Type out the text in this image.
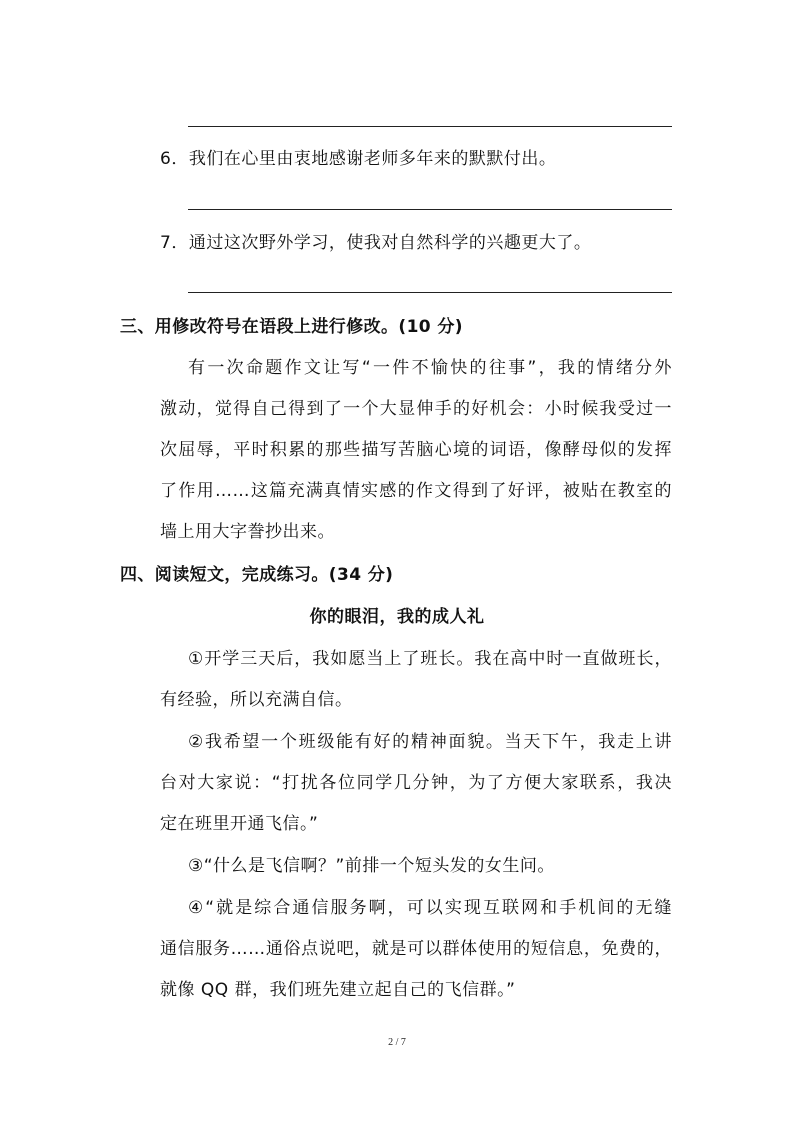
6．我们在心里由衷地感谢老师多年来的默默付出。
7．通过这次野外学习，使我对自然科学的兴趣更大了。
三、用修改符号在语段上进行修改。(10 分)
有一次命题作文让写“一件不愉快的往事”，我的情绪分外
激动，觉得自己得到了一个大显伸手的好机会：小时候我受过一
次屈辱，平时积累的那些描写苦脑心境的词语，像酵母似的发挥
了作用……这篇充满真情实感的作文得到了好评，被贴在教室的
墙上用大字誊抄出来。
四、阅读短文，完成练习。(34 分)
你的眼泪，我的成人礼
①开学三天后，我如愿当上了班长。我在高中时一直做班长，
有经验，所以充满自信。
②我希望一个班级能有好的精神面貌。当天下午，我走上讲
台对大家说：“打扰各位同学几分钟，为了方便大家联系，我决
定在班里开通飞信。”
③“什么是飞信啊？”前排一个短头发的女生问。
④“就是综合通信服务啊，可以实现互联网和手机间的无缝
通信服务……通俗点说吧，就是可以群体使用的短信息，免费的，
就像 QQ 群，我们班先建立起自己的飞信群。”
2 / 7
